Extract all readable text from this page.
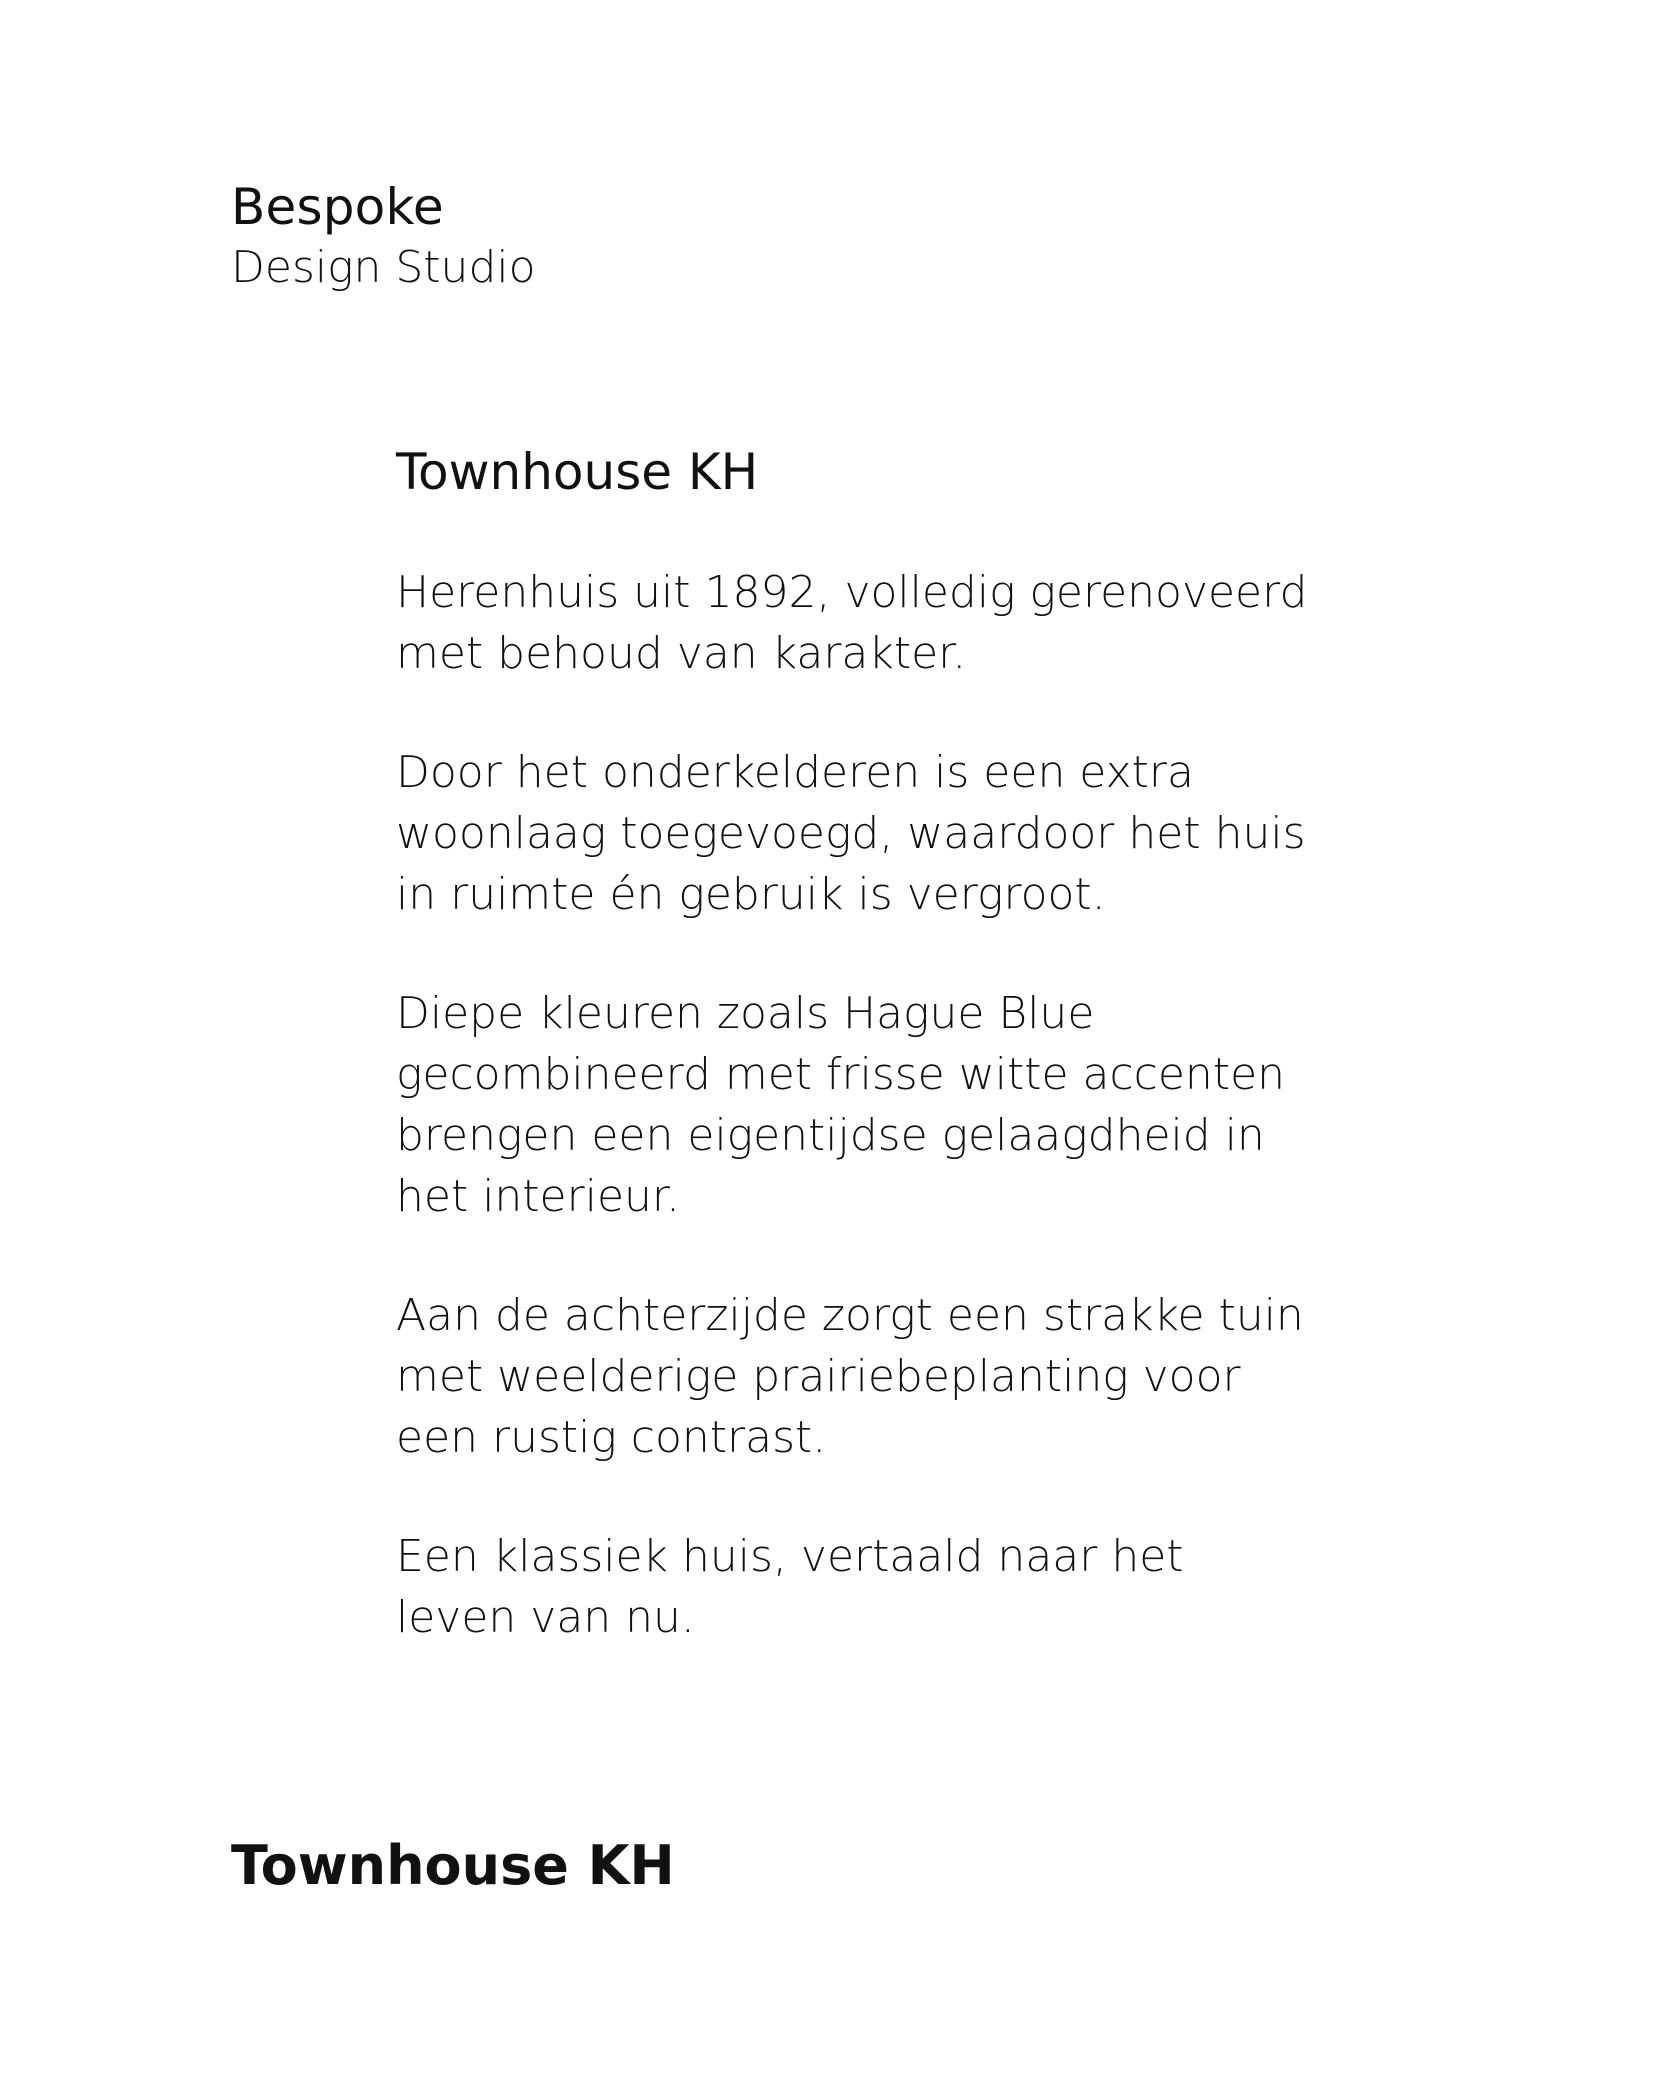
Bespoke

Design Studio

Townhouse KH

Herenhuis uit 1892, volledig gerenoveerd met behoud van karakter.

Door het onderkelderen is een extra woonlaag toegevoegd, waardoor het huis in ruimte én gebruik is vergroot.

Diepe kleuren zoals Hague Blue gecombineerd met frisse witte accenten brengen een eigentijdse gelaagdheid in het interieur.

Aan de achterzijde zorgt een strakke tuin met weelderige prairiebeplanting voor een rustig contrast.

Een klassiek huis, vertaald naar het leven van nu.

Townhouse KH
